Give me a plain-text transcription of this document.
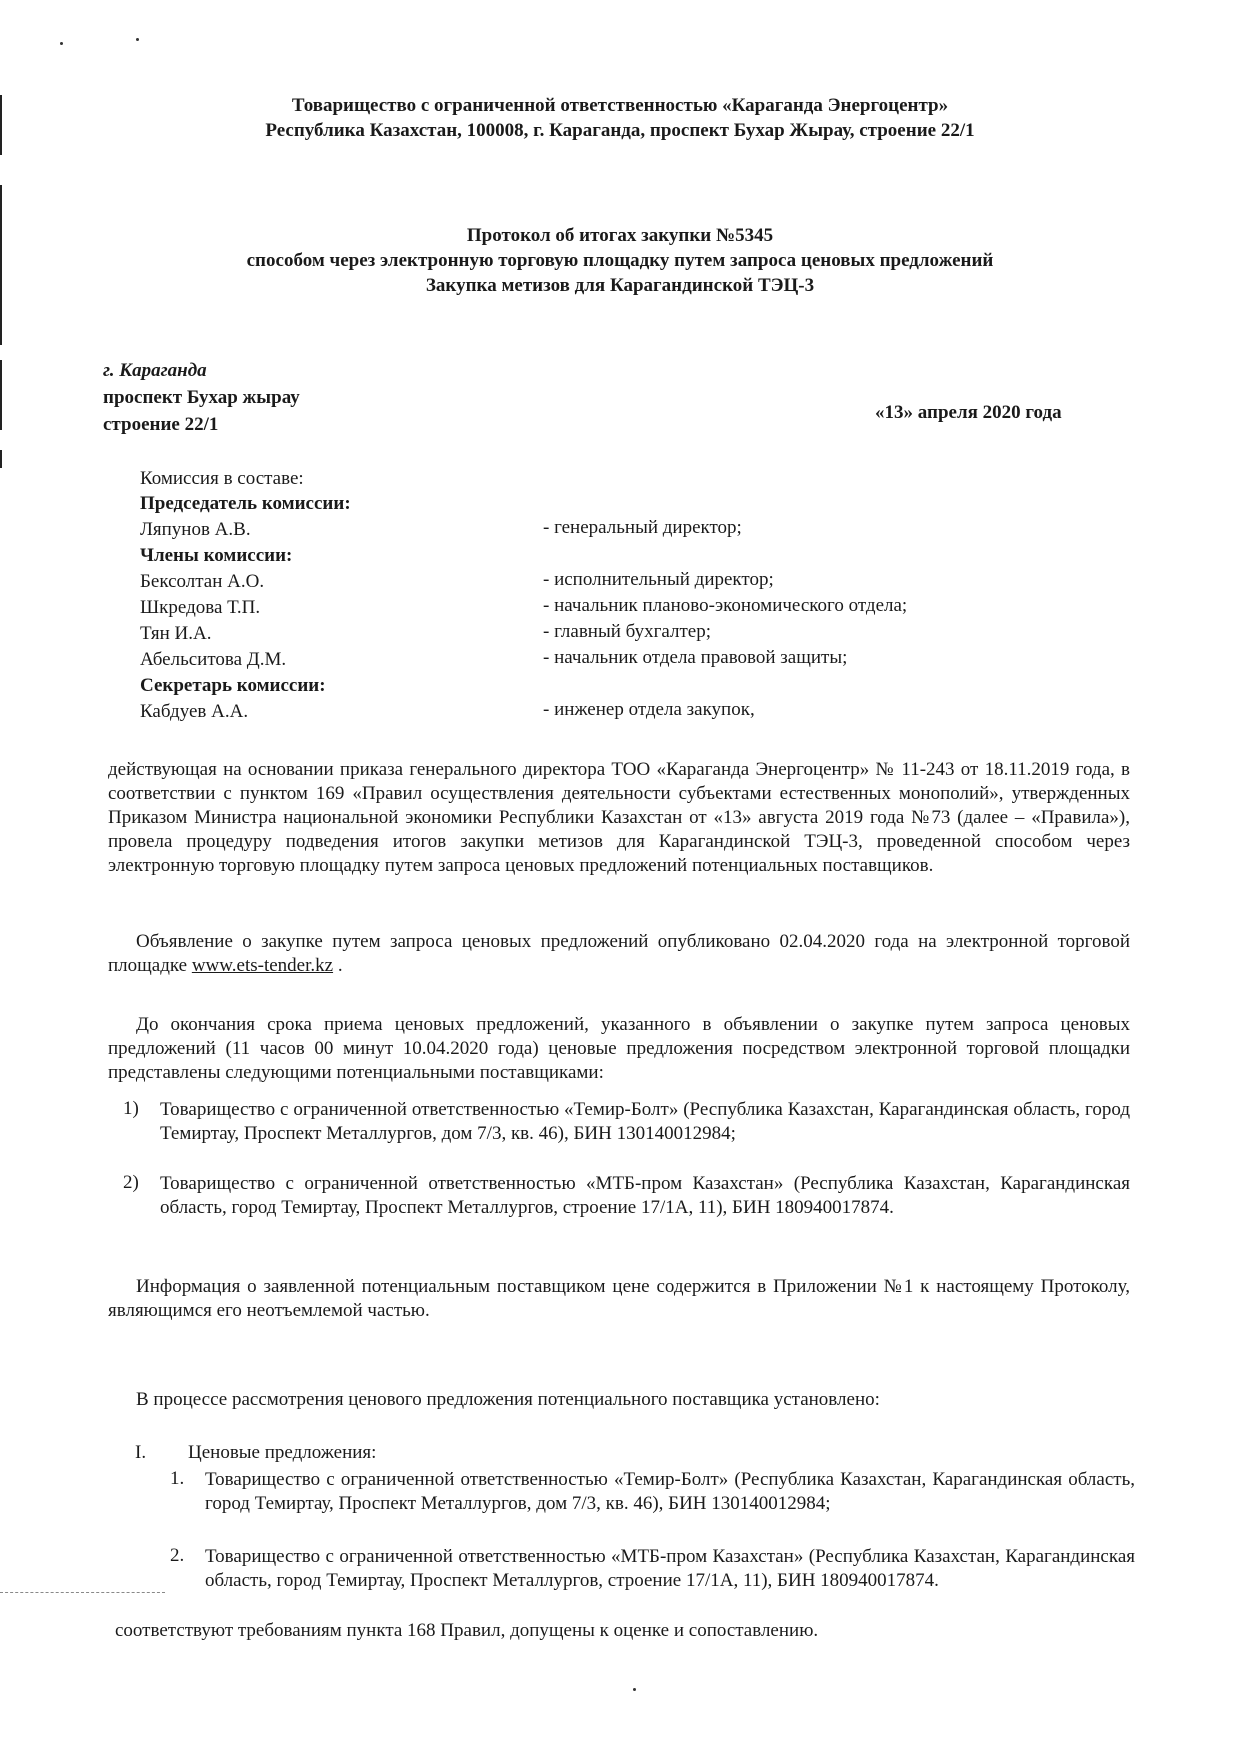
Товарищество с ограниченной ответственностью «Караганда Энергоцентр»
Республика Казахстан, 100008, г. Караганда, проспект Бухар Жырау, строение 22/1
Протокол об итогах закупки №5345
способом через электронную торговую площадку путем запроса ценовых предложений
Закупка метизов для Карагандинской ТЭЦ-3
г. Караганда
проспект Бухар жырау
строение 22/1
«13» апреля 2020 года
Комиссия в составе:
Председатель комиссии:
Ляпунов А.В.	- генеральный директор;
Члены комиссии:
Бексолтан А.О.	- исполнительный директор;
Шкредова Т.П.	- начальник планово-экономического отдела;
Тян И.А.	- главный бухгалтер;
Абельситова Д.М.	- начальник отдела правовой защиты;
Секретарь комиссии:
Кабдуев А.А.	- инженер отдела закупок,
действующая на основании приказа генерального директора ТОО «Караганда Энергоцентр» № 11-243 от 18.11.2019 года, в соответствии с пунктом 169 «Правил осуществления деятельности субъектами естественных монополий», утвержденных Приказом Министра национальной экономики Республики Казахстан от «13» августа 2019 года №73 (далее – «Правила»), провела процедуру подведения итогов закупки метизов для Карагандинской ТЭЦ-3, проведенной способом через электронную торговую площадку путем запроса ценовых предложений потенциальных поставщиков.
Объявление о закупке путем запроса ценовых предложений опубликовано 02.04.2020 года на электронной торговой площадке www.ets-tender.kz .
До окончания срока приема ценовых предложений, указанного в объявлении о закупке путем запроса ценовых предложений (11 часов 00 минут 10.04.2020 года) ценовые предложения посредством электронной торговой площадки представлены следующими потенциальными поставщиками:
1) Товарищество с ограниченной ответственностью «Темир-Болт» (Республика Казахстан, Карагандинская область, город Темиртау, Проспект Металлургов, дом 7/3, кв. 46), БИН 130140012984;
2) Товарищество с ограниченной ответственностью «МТБ-пром Казахстан» (Республика Казахстан, Карагандинская область, город Темиртау, Проспект Металлургов, строение 17/1А, 11), БИН 180940017874.
Информация о заявленной потенциальным поставщиком цене содержится в Приложении №1 к настоящему Протоколу, являющимся его неотъемлемой частью.
В процессе рассмотрения ценового предложения потенциального поставщика установлено:
I. Ценовые предложения:
1. Товарищество с ограниченной ответственностью «Темир-Болт» (Республика Казахстан, Карагандинская область, город Темиртау, Проспект Металлургов, дом 7/3, кв. 46), БИН 130140012984;
2. Товарищество с ограниченной ответственностью «МТБ-пром Казахстан» (Республика Казахстан, Карагандинская область, город Темиртау, Проспект Металлургов, строение 17/1А, 11), БИН 180940017874.
соответствуют требованиям пункта 168 Правил, допущены к оценке и сопоставлению.
